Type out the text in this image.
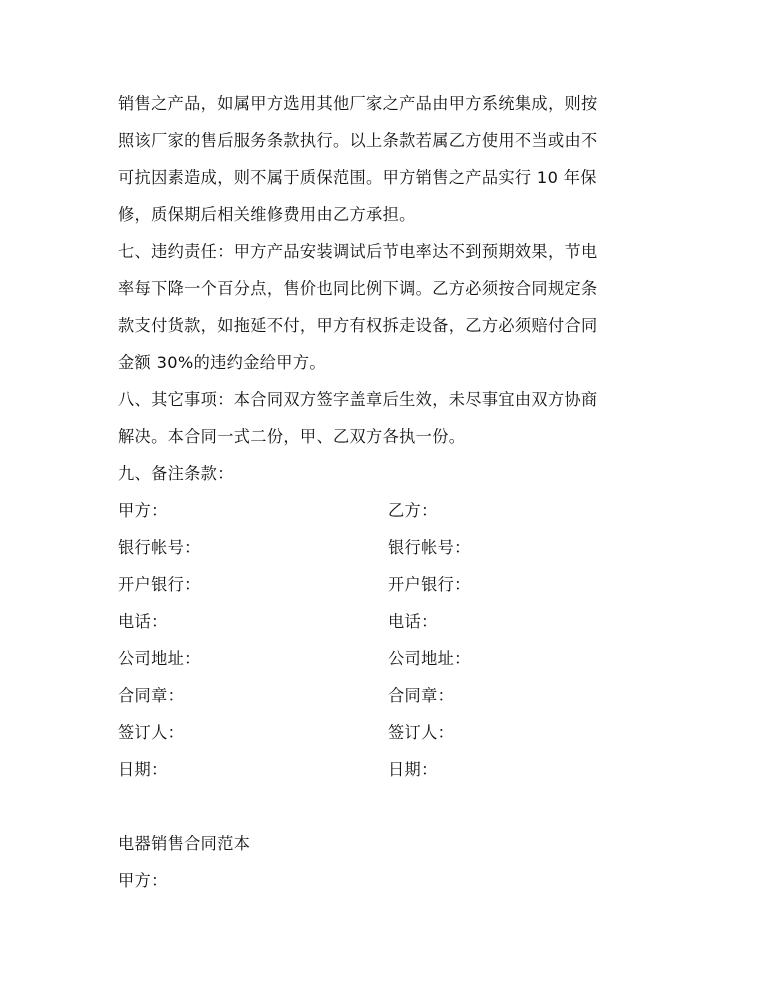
销售之产品，如属甲方选用其他厂家之产品由甲方系统集成，则按
照该厂家的售后服务条款执行。以上条款若属乙方使用不当或由不
可抗因素造成，则不属于质保范围。甲方销售之产品实行 10 年保
修，质保期后相关维修费用由乙方承担。
七、违约责任：甲方产品安装调试后节电率达不到预期效果，节电
率每下降一个百分点，售价也同比例下调。乙方必须按合同规定条
款支付货款，如拖延不付，甲方有权拆走设备，乙方必须赔付合同
金额 30%的违约金给甲方。
八、其它事项：本合同双方签字盖章后生效，未尽事宜由双方协商
解决。本合同一式二份，甲、乙双方各执一份。
九、备注条款：
甲方：	乙方：
银行帐号：	银行帐号：
开户银行：	开户银行：
电话：	电话：
公司地址：	公司地址：
合同章：	合同章：
签订人：	签订人：
日期：	日期：
电器销售合同范本
甲方：
